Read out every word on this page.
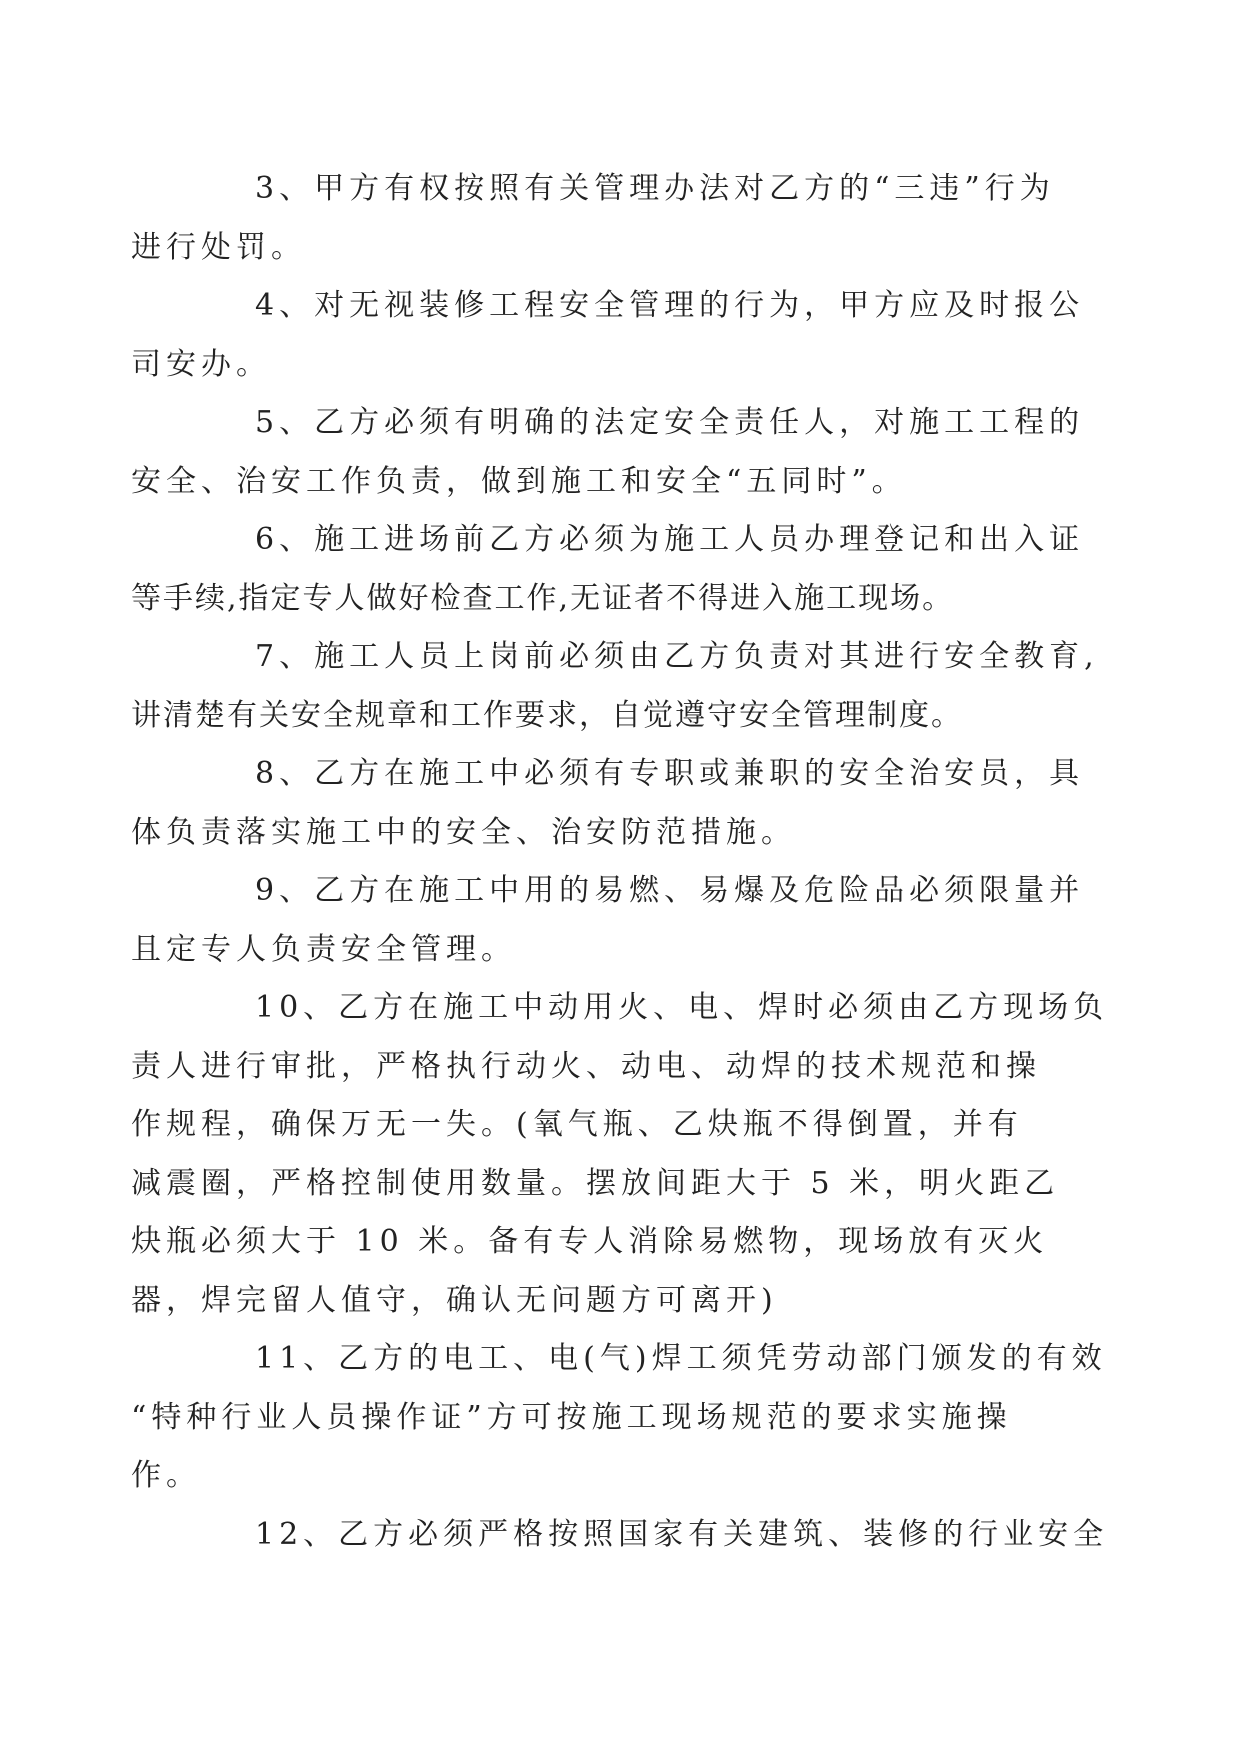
3、甲方有权按照有关管理办法对乙方的“三违”行为
进行处罚。

4、对无视装修工程安全管理的行为，甲方应及时报公
司安办。

5、乙方必须有明确的法定安全责任人，对施工工程的
安全、治安工作负责，做到施工和安全“五同时”。

6、施工进场前乙方必须为施工人员办理登记和出入证
等手续,指定专人做好检查工作,无证者不得进入施工现场。

7、施工人员上岗前必须由乙方负责对其进行安全教育,
讲清楚有关安全规章和工作要求，自觉遵守安全管理制度。

8、乙方在施工中必须有专职或兼职的安全治安员，具
体负责落实施工中的安全、治安防范措施。

9、乙方在施工中用的易燃、易爆及危险品必须限量并
且定专人负责安全管理。

10、乙方在施工中动用火、电、焊时必须由乙方现场负
责人进行审批，严格执行动火、动电、动焊的技术规范和操
作规程，确保万无一失。(氧气瓶、乙炔瓶不得倒置，并有
减震圈，严格控制使用数量。摆放间距大于 5 米，明火距乙
炔瓶必须大于 10 米。备有专人消除易燃物，现场放有灭火
器，焊完留人值守，确认无问题方可离开)

11、乙方的电工、电(气)焊工须凭劳动部门颁发的有效
“特种行业人员操作证”方可按施工现场规范的要求实施操
作。

12、乙方必须严格按照国家有关建筑、装修的行业安全
